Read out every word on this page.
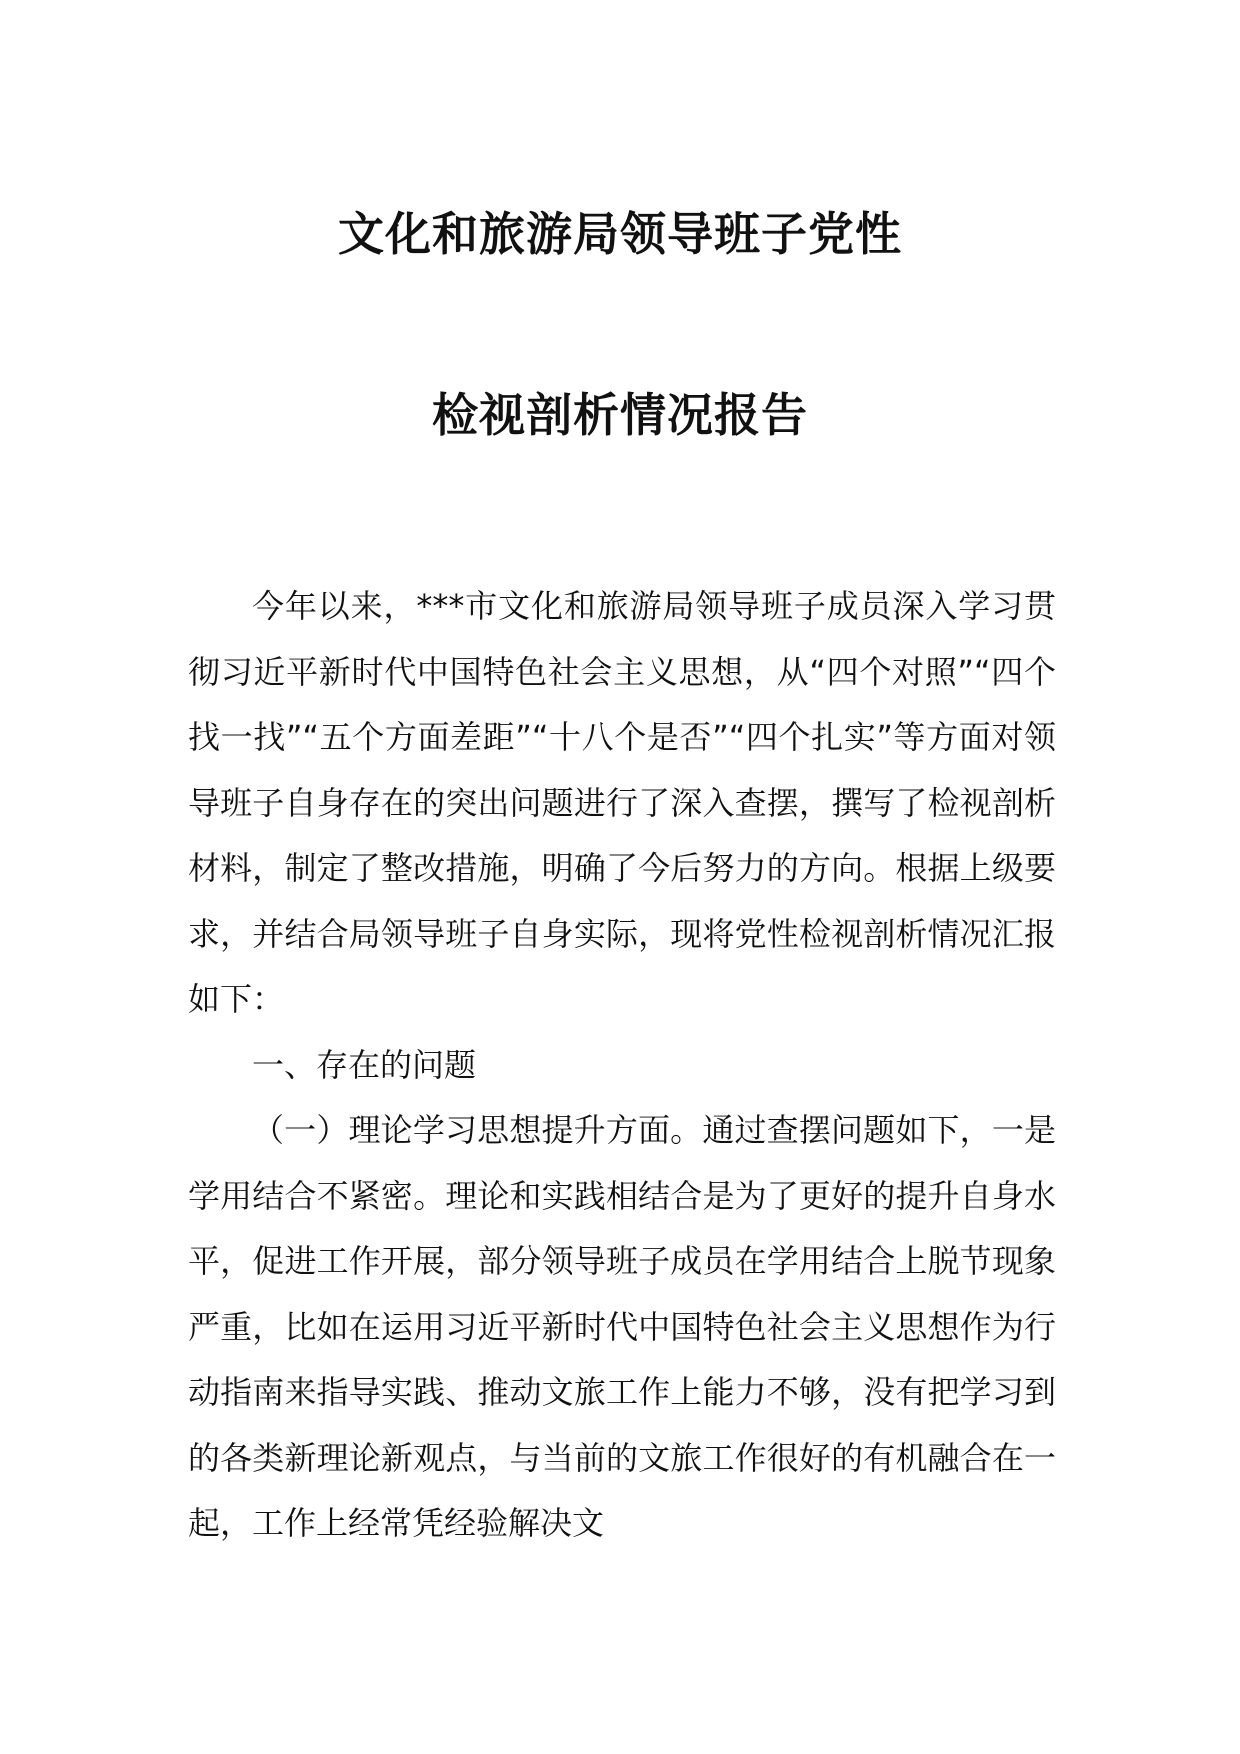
文化和旅游局领导班子党性
检视剖析情况报告

今年以来，***市文化和旅游局领导班子成员深入学习贯彻习近平新时代中国特色社会主义思想，从“四个对照”“四个找一找”“五个方面差距”“十八个是否”“四个扎实”等方面对领导班子自身存在的突出问题进行了深入查摆，撰写了检视剖析材料，制定了整改措施，明确了今后努力的方向。根据上级要求，并结合局领导班子自身实际，现将党性检视剖析情况汇报如下：

一、存在的问题

（一）理论学习思想提升方面。通过查摆问题如下，一是学用结合不紧密。理论和实践相结合是为了更好的提升自身水平，促进工作开展，部分领导班子成员在学用结合上脱节现象严重，比如在运用习近平新时代中国特色社会主义思想作为行动指南来指导实践、推动文旅工作上能力不够，没有把学习到的各类新理论新观点，与当前的文旅工作很好的有机融合在一起，工作上经常凭经验解决文
